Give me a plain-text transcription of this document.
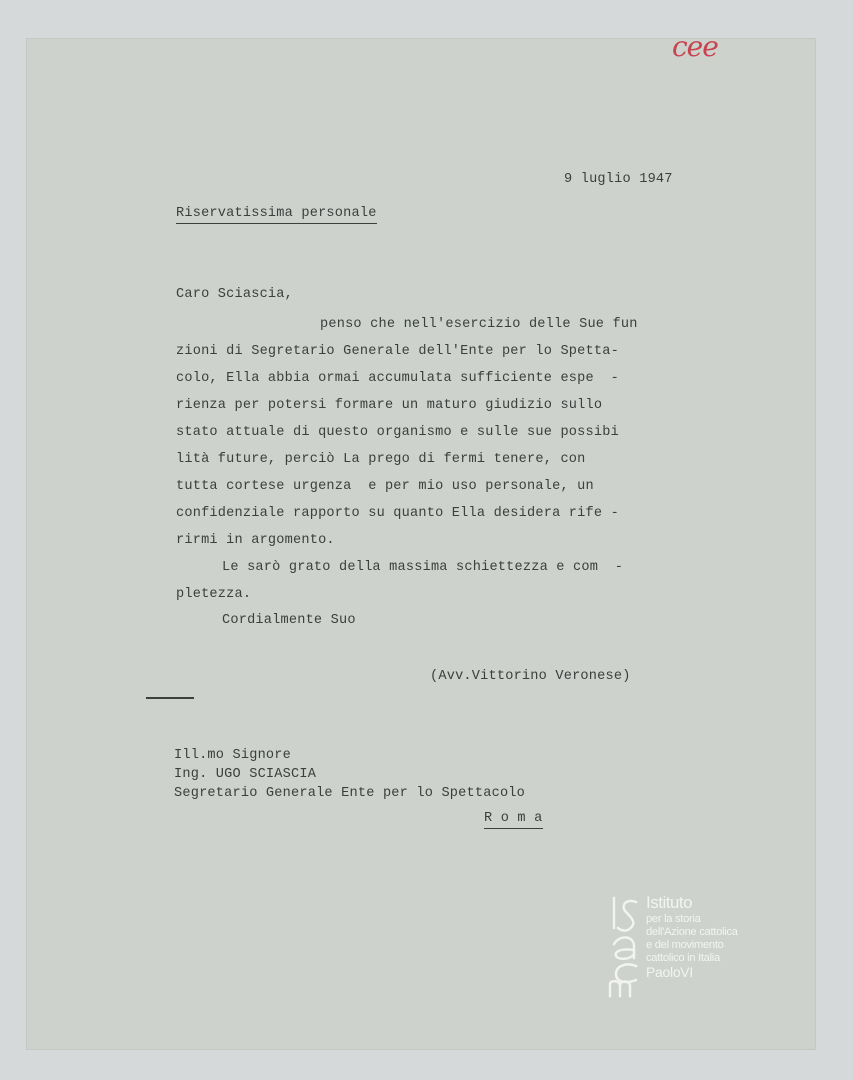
cee
9 luglio 1947
Riservatissima personale
Caro Sciascia,
penso che nell'esercizio delle Sue fun
zioni di Segretario Generale dell'Ente per lo Spetta-
colo, Ella abbia ormai accumulata sufficiente espe  -
rienza per potersi formare un maturo giudizio sullo
stato attuale di questo organismo e sulle sue possibi
lità future, perciò La prego di fermi tenere, con
tutta cortese urgenza  e per mio uso personale, un
confidenziale rapporto su quanto Ella desidera rife -
rirmi in argomento.
Le sarò grato della massima schiettezza e com  -
pletezza.
Cordialmente Suo
(Avv.Vittorino Veronese)
Ill.mo Signore
Ing. UGO SCIASCIA
Segretario Generale Ente per lo Spettacolo
R o m a
Istituto
per la storia
dell'Azione cattolica
e del movimento
cattolico in Italia
PaoloVI
